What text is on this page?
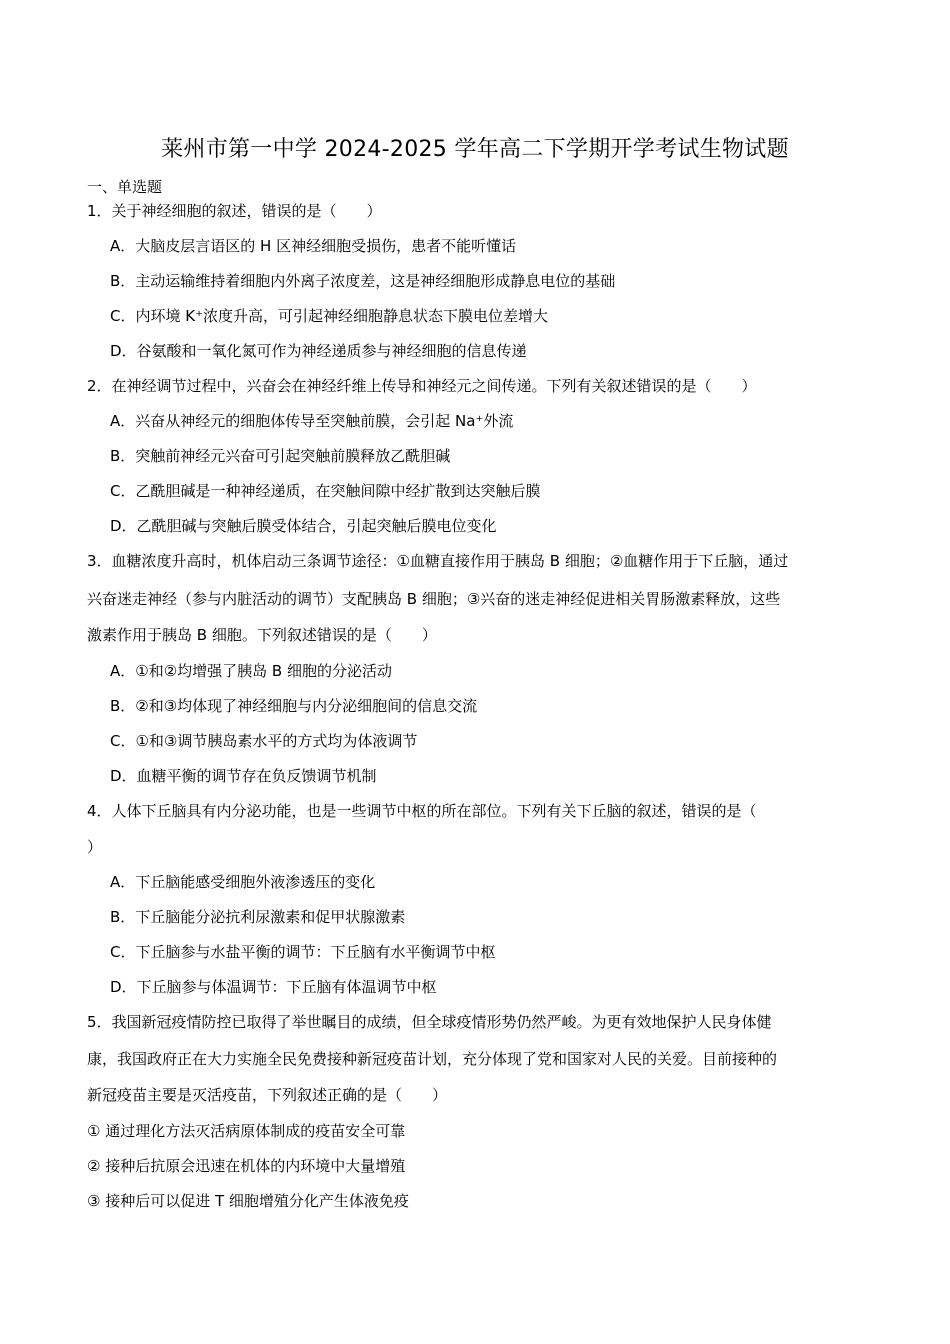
莱州市第一中学 2024-2025 学年高二下学期开学考试生物试题
一、单选题
1．关于神经细胞的叙述，错误的是（　　）
A．大脑皮层言语区的 H 区神经细胞受损伤，患者不能听懂话
B．主动运输维持着细胞内外离子浓度差，这是神经细胞形成静息电位的基础
C．内环境 K⁺浓度升高，可引起神经细胞静息状态下膜电位差增大
D．谷氨酸和一氧化氮可作为神经递质参与神经细胞的信息传递
2．在神经调节过程中，兴奋会在神经纤维上传导和神经元之间传递。下列有关叙述错误的是（　　）
A．兴奋从神经元的细胞体传导至突触前膜，会引起 Na⁺外流
B．突触前神经元兴奋可引起突触前膜释放乙酰胆碱
C．乙酰胆碱是一种神经递质，在突触间隙中经扩散到达突触后膜
D．乙酰胆碱与突触后膜受体结合，引起突触后膜电位变化
3．血糖浓度升高时，机体启动三条调节途径：①血糖直接作用于胰岛 B 细胞；②血糖作用于下丘脑，通过
兴奋迷走神经（参与内脏活动的调节）支配胰岛 B 细胞；③兴奋的迷走神经促进相关胃肠激素释放，这些
激素作用于胰岛 B 细胞。下列叙述错误的是（　　）
A．①和②均增强了胰岛 B 细胞的分泌活动
B．②和③均体现了神经细胞与内分泌细胞间的信息交流
C．①和③调节胰岛素水平的方式均为体液调节
D．血糖平衡的调节存在负反馈调节机制
4．人体下丘脑具有内分泌功能，也是一些调节中枢的所在部位。下列有关下丘脑的叙述，错误的是（
）
A．下丘脑能感受细胞外液渗透压的变化
B．下丘脑能分泌抗利尿激素和促甲状腺激素
C．下丘脑参与水盐平衡的调节：下丘脑有水平衡调节中枢
D．下丘脑参与体温调节：下丘脑有体温调节中枢
5．我国新冠疫情防控已取得了举世瞩目的成绩，但全球疫情形势仍然严峻。为更有效地保护人民身体健
康，我国政府正在大力实施全民免费接种新冠疫苗计划，充分体现了党和国家对人民的关爱。目前接种的
新冠疫苗主要是灭活疫苗，下列叙述正确的是（　　）
① 通过理化方法灭活病原体制成的疫苗安全可靠
② 接种后抗原会迅速在机体的内环境中大量增殖
③ 接种后可以促进 T 细胞增殖分化产生体液免疫
